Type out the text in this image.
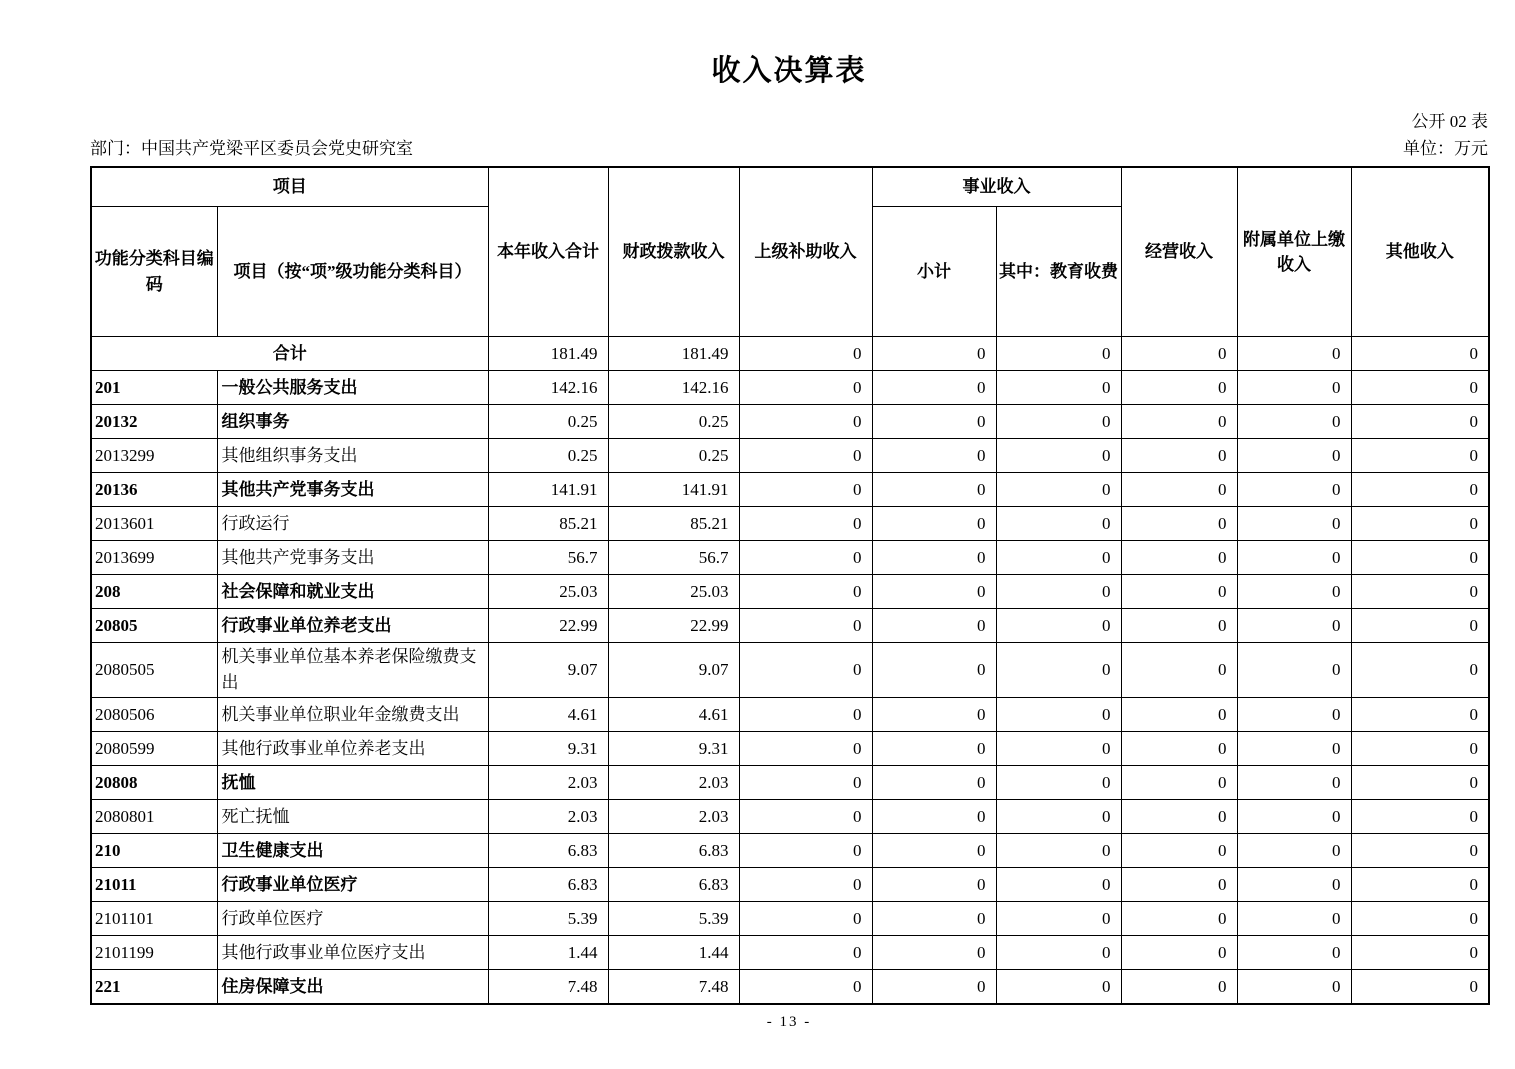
收入决算表
公开 02 表
部门：中国共产党梁平区委员会党史研究室	单位：万元
项目		本年收入合计	财政拨款收入	上级补助收入	事业收入		经营收入	附属单位上缴收入	其他收入
功能分类科目编码	项目（按“项”级功能分类科目）				小计	其中：教育收费			
合计		181.49	181.49	0	0	0	0	0	0
201	一般公共服务支出	142.16	142.16	0	0	0	0	0	0
20132	组织事务	0.25	0.25	0	0	0	0	0	0
2013299	其他组织事务支出	0.25	0.25	0	0	0	0	0	0
20136	其他共产党事务支出	141.91	141.91	0	0	0	0	0	0
2013601	行政运行	85.21	85.21	0	0	0	0	0	0
2013699	其他共产党事务支出	56.7	56.7	0	0	0	0	0	0
208	社会保障和就业支出	25.03	25.03	0	0	0	0	0	0
20805	行政事业单位养老支出	22.99	22.99	0	0	0	0	0	0
2080505	机关事业单位基本养老保险缴费支出	9.07	9.07	0	0	0	0	0	0
2080506	机关事业单位职业年金缴费支出	4.61	4.61	0	0	0	0	0	0
2080599	其他行政事业单位养老支出	9.31	9.31	0	0	0	0	0	0
20808	抚恤	2.03	2.03	0	0	0	0	0	0
2080801	死亡抚恤	2.03	2.03	0	0	0	0	0	0
210	卫生健康支出	6.83	6.83	0	0	0	0	0	0
21011	行政事业单位医疗	6.83	6.83	0	0	0	0	0	0
2101101	行政单位医疗	5.39	5.39	0	0	0	0	0	0
2101199	其他行政事业单位医疗支出	1.44	1.44	0	0	0	0	0	0
221	住房保障支出	7.48	7.48	0	0	0	0	0	0
- 13 -
